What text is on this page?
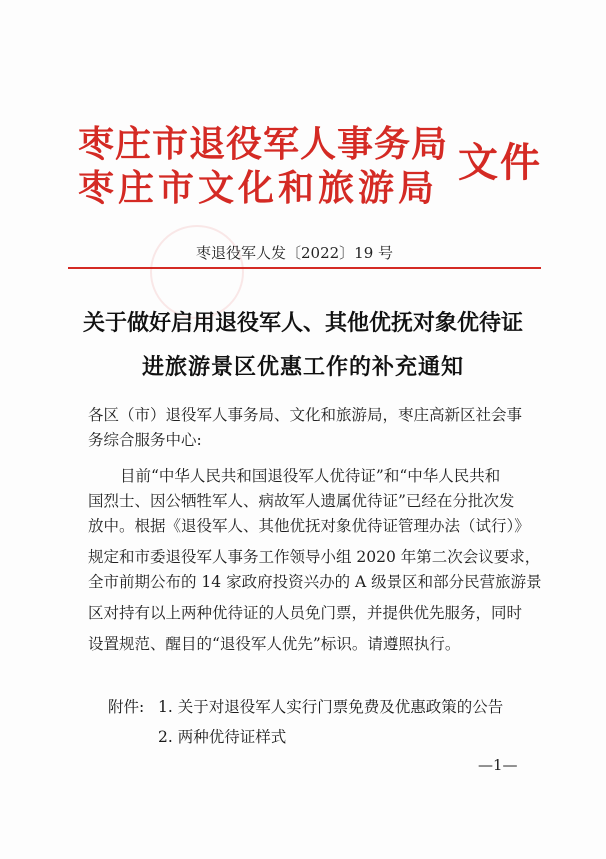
枣庄市退役军人事务局
枣庄市文化和旅游局
文件
枣退役军人发〔2022〕19 号
关于做好启用退役军人、其他优抚对象优待证
进旅游景区优惠工作的补充通知
各区（市）退役军人事务局、文化和旅游局，枣庄高新区社会事
务综合服务中心:
目前“中华人民共和国退役军人优待证”和“中华人民共和
国烈士、因公牺牲军人、病故军人遗属优待证”已经在分批次发
放中。根据《退役军人、其他优抚对象优待证管理办法（试行）》
规定和市委退役军人事务工作领导小组 2020 年第二次会议要求，
全市前期公布的 14 家政府投资兴办的 A 级景区和部分民营旅游景
区对持有以上两种优待证的人员免门票，并提供优先服务，同时
设置规范、醒目的“退役军人优先”标识。请遵照执行。
附件: 1. 关于对退役军人实行门票免费及优惠政策的公告
2. 两种优待证样式
—1—
